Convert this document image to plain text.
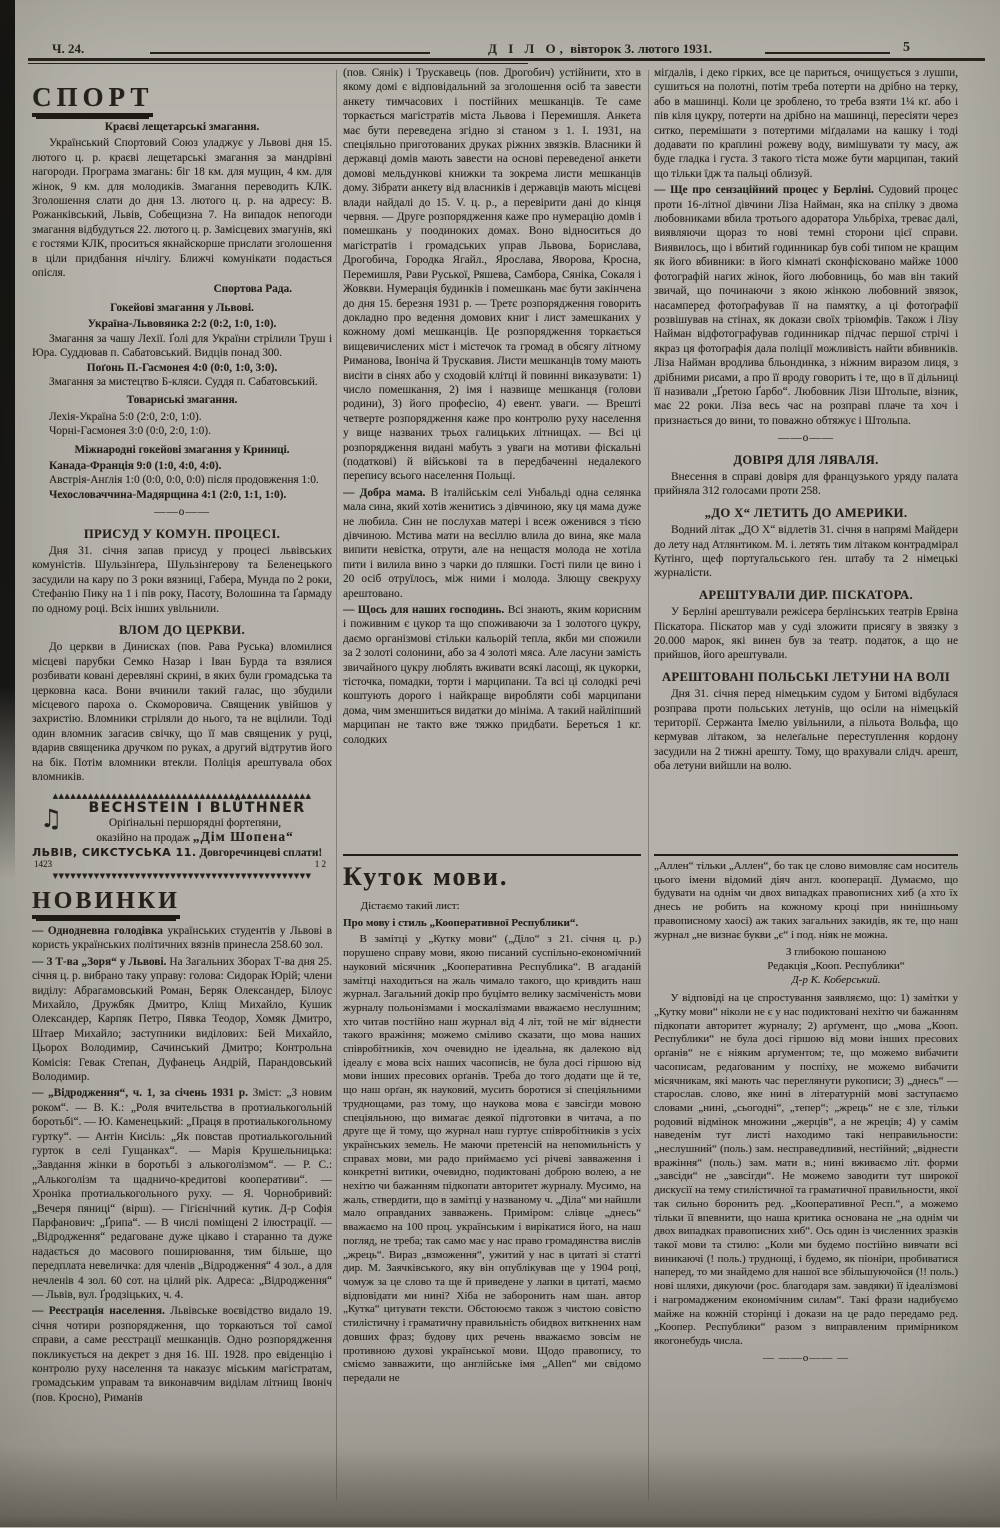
Ч. 24.	Д І Л О, вівторок 3. лютого 1931.	5
СПОРТ

Краєві лещетарські змагання.

Український Спортовий Союз уладжує у Львові дня 15. лютого ц. р. краєві лещетарські змагання за мандрівні нагороди. Програма змагань: біг 18 км. для мущин, 4 км. для жінок, 9 км. для молодиків. Змагання переводить КЛК. Зголошення слати до дня 13. лютого ц. р. на адресу: В. Рожанківський, Львів, Собещизна 7. На випадок непогоди змагання відбудуться 22. лютого ц. р. Замісцевих змагунів, які є гостями КЛК, проситься якнайскорше прислати зголошення в ціли придбання нічлігу. Ближчі комунікати подасться опісля.

Спортова Рада.

Гокейові змагання у Львові.

Україна-Львовянка 2:2 (0:2, 1:0, 1:0).

Змагання за чашу Лехії. Ґолі для України стрілили Труш і Юра. Суддював п. Сабатовський. Видців понад 300.

Поґонь П.-Гасмонея 4:0 (0:0, 1:0, 3:0).

Змагання за мистецтво Б-кляси. Суддя п. Сабатовський.

Товариські змагання.

Лехія-Україна 5:0 (2:0, 2:0, 1:0).

Чорні-Гасмонея 3:0 (0:0, 2:0, 1:0).

Міжнародні гокейові змагання у Криниці.

Канада-Франція 9:0 (1:0, 4:0, 4:0).

Австрія-Анґлія 1:0 (0:0, 0:0, 0:0) після продовження 1:0.

Чехословаччина-Мадярщина 4:1 (2:0, 1:1, 1:0).

——о——

ПРИСУД У КОМУН. ПРОЦЕСІ.

Дня 31. січня запав присуд у процесі львівських комуністів. Шульзінґера, Шульзінґерову та Беленецького засудили на кару по 3 роки вязниці, Габера, Мунда по 2 роки, Стефанію Пику на 1 і пів року, Пасоту, Волошина та Ґармаду по одному році. Всіх інших увільнили.

ВЛОМ ДО ЦЕРКВИ.

До церкви в Динисках (пов. Рава Руська) вломилися місцеві парубки Семко Назар і Іван Бурда та взялися розбивати ковані деревляні скрині, в яких були громадська та церковна каса. Вони вчинили такий галас, що збудили місцевого пароха о. Скоморовича. Священик увійшов у захристію. Вломники стріляли до нього, та не вцілили. Тоді один вломник загасив свічку, що її мав священик у руці, вдарив священика дручком по руках, а другий відтрутив його на бік. Потім вломники втекли. Поліція арештувала обох вломників.

▲▲▲▲▲▲▲▲▲▲▲▲▲▲▲▲▲▲▲▲▲▲▲▲▲▲▲▲▲▲▲▲▲▲▲▲▲▲▲▲▲▲▲▲
♫	BECHSTEIN І BLÜTHNER
Оріґінальні першорядні фортепяни,
оказійно на продаж „Дім Шопена“
ЛЬВІВ, СИКСТУСЬКА 11. Довгоречинцеві сплати!
1423	1 2
▼▼▼▼▼▼▼▼▼▼▼▼▼▼▼▼▼▼▼▼▼▼▼▼▼▼▼▼▼▼▼▼▼▼▼▼▼▼▼▼▼▼▼▼
НОВИНКИ

— Однодневна голодівка українських студентів у Львові в користь українських політичних вязнів принесла 258.60 зол.

— З Т-ва „Зоря“ у Львові. На Загальних Зборах Т-ва дня 25. січня ц. р. вибрано таку управу: голова: Сидорак Юрій; члени виділу: Абрагамовський Роман, Беряк Олександер, Білоус Михайло, Дружбяк Дмитро, Кліщ Михайло, Кушик Олександер, Карпяк Петро, Пявка Теодор, Хомяк Дмитро, Штаер Михайло; заступники виділових: Бей Михайло, Цьорох Володимир, Сачинський Дмитро; Контрольна Комісія: Гевак Степан, Дуфанець Андрій, Парандовський Володимир.

— „Відродження“, ч. 1, за січень 1931 р. Зміст: „З новим роком“. — В. К.: „Роля вчительства в протиалькогольній боротьбі“. — Ю. Каменецький: „Праця в протиалькогольному гуртку“. — Антін Кисіль: „Як повстав протиалькогольний гурток в селі Гущанках“. — Марія Крушельницька: „Завдання жінки в боротьбі з алькоголізмом“. — Р. С.: „Алькоголізм та щадничо-кредитові кооперативи“. — Хроніка протиалькогольного руху. — Я. Чорнобривий: „Вечеря пяниці“ (вірш). — Гігієнічний кутик. Д-р Софія Парфанович: „Ґрипа“. — В числі поміщені 2 ілюстрації. — „Відродження“ редаговане дуже цікаво і старанно та дуже надається до масового поширювання, тим більше, що передплата невеличка: для членів „Відродження“ 4 зол., а для нечленів 4 зол. 60 сот. на цілий рік. Адреса: „Відродження“ — Львів, вул. Ґродзіцьких, ч. 4.

— Реєстрація населення. Львівське воєвідство видало 19. січня чотири розпорядження, що торкаються тої самої справи, а саме реєстрації мешканців. Одно розпорядження покликується на декрет з дня 16. III. 1928. про евіденцію і контролю руху населення та наказує міським магістратам, громадським управам та виконавчим виділам літнищ Івоніч (пов. Кросно), Риманів

(пов. Сянік) і Трускавець (пов. Дрогобич) устійнити, хто в якому домі є відповідальний за зголошення осіб та завести анкету тимчасових і постійних мешканців. Те саме торкається магістратів міста Львова і Перемишля. Анкета має бути переведена згідно зі станом з 1. І. 1931, на спеціяльно приготованих друках ріжних звязків. Власники й державці домів мають завести на основі переведеної анкети домові мельдункові книжки та зокрема листи мешканців дому. Зібрати анкету від власників і державців мають місцеві влади найдалі до 15. V. ц. р., а перевірити дані до кінця червня. — Друге розпорядження каже про нумерацію домів і помешкань у поодиноких домах. Воно відноситься до магістратів і громадських управ Львова, Борислава, Дрогобича, Городка Ягайл., Ярослава, Яворова, Кросна, Перемишля, Рави Руської, Ряшева, Самбора, Сяніка, Сокаля і Жовкви. Нумерація будинків і помешкань має бути закінчена до дня 15. березня 1931 р. — Третє розпорядження говорить докладно про ведення домових книг і лист замешканих у кожному домі мешканців. Це розпорядження торкається вищевичислених міст і містечок та громад в обсягу літному Риманова, Івоніча й Трускавия. Листи мешканців тому мають висіти в сінях або у сходовій клітці й повинні виказувати: 1) число помешкання, 2) імя і назвище мешканця (голови родини), 3) його професію, 4) евент. уваги. — Врешті четверте розпорядження каже про контролю руху населення у вище названих трьох галицьких літнищах. — Всі ці розпорядження видані мабуть з уваги на мотиви фіскальні (податкові) й військові та в передбаченні недалекого перепису всього населення Польщі.

— Добра мама. В італійськім селі Унбальді одна селянка мала сина, який хотів женитись з дівчиною, яку ця мама дуже не любила. Син не послухав матері і всеж оженився з тією дівчиною. Мстива мати на весіллю влила до вина, яке мала випити невістка, отрути, але на нещастя молода не хотіла пити і вилила вино з чарки до пляшки. Гості пили це вино і 20 осіб отруїлось, між ними і молода. Злющу свекруху арештовано.

— Щось для наших господинь. Всі знають, яким корисним і поживним є цукор та що споживаючи за 1 золотого цукру, даємо організмові стільки кальорій тепла, якби ми спожили за 2 золоті солонини, або за 4 золоті мяса. Але ласуни замість звичайного цукру люблять вживати всякі ласощі, як цукорки, тісточка, помадки, торти і марципани. Та всі ці солодкі речі коштують дорого і найкраще виробляти собі марципани дома, чим зменшиться видатки до мініма. А такий найліпший марципан не такто вже тяжко придбати. Береться 1 кг. солодких

Куток мови.

Дістаємо такий лист:

Про мову і стиль „Кооперативної Республики“.

В замітці у „Кутку мови“ („Діло“ з 21. січня ц. р.) порушено справу мови, якою писаний суспільно-економічний науковий місячник „Кооперативна Республика“. В агаданій замітці находиться на жаль чимало такого, що кривдить наш журнал. Загальний докір про буцімто велику засміченість мови журналу польонізмами і москалізмами вважаємо неслушним; хто читав постійно наш журнал від 4 літ, той не міг віднести такого вражіння; можемо сміливо сказати, що мова наших співробітників, хоч очевидно не ідеальна, як далекою від ідеалу є мова всіх наших часописів, не була досі гіршою від мови інших пресових орґанів. Треба до того додати ще й те, що наш орґан, як науковий, мусить боротися зі спеціяльними труднощами, раз тому, що наукова мова є завсігди мовою спеціяльною, що вимагає деякої підготовки в читача, а по друге ще й тому, що журнал наш гуртує співробітників з усіх українських земель. Не маючи претенсій на непомильність у справах мови, ми радо приймаємо усі річеві завваження і конкретні витики, очевидно, подиктовані доброю волею, а не нехітю чи бажанням підкопати авторитет журналу. Мусимо, на жаль, ствердити, що в замітці у названому ч. „Діла“ ми найшли мало оправданих завважень. Приміром: слівце „днесь“ вважаємо на 100 проц. українським і вирікатися його, на наш погляд, не треба; так само має у нас право громадянства вислів „жрець“. Вираз „взможення“, ужитий у нас в цитаті зі статті дир. М. Заячківського, яку він опублікував ще у 1904 році, чомуж за це слово та ще й приведене у лапки в цитаті, маємо відповідати ми нині? Хіба не заборонить нам шан. автор „Кутка“ цитувати тексти. Обстоюємо також з чистою совістю стилістичну і граматичну правильність обидвох виткнених нам довших фраз; будову цих речень вважаємо зовсім не противною духові української мови. Щодо правопису, то сміємо завважити, що англійське імя „Allen“ ми свідомо передали не

міґдалів, і деко гірких, все це париться, очищується з лушпи, сушиться на полотні, потім треба потерти на дрібно на терку, або в машинці. Коли це зроблено, то треба взяти 1¼ кґ. або і пів кіля цукру, потерти на дрібно на машинці, пересіяти через ситко, перемішати з потертими міґдалами на кашку і тоді додавати по краплині рожеву воду, вимішувати ту масу, аж буде гладка і густа. З такого тіста може бути марципан, такий що тільки їдж та пальці облизуй.

— Ще про сензаційний процес у Берліні. Судовий процес проти 16-літної дівчини Ліза Найман, яка на спілку з двома любовниками вбила тротього адоратора Ульбріха, треває далі, виявляючи щораз то нові темні сторони цієї справи. Виявилось, що і вбитий годинникар був собі типом не кращим як його вбивники: в його кімнаті сконфісковано майже 1000 фотографій нагих жінок, його любовниць, бо мав він такий звичай, що починаючи з якою жінкою любовний звязок, насамперед фотоґрафував її на памятку, а ці фотоґрафії розвішував на стінах, як докази своїх тріюмфів. Також і Лізу Найман відфотографував годинникар підчас першої стрічі і якраз ця фотоґрафія дала поліції можливість найти вбивників. Ліза Найман вродлива бльондинка, з ніжним виразом лиця, з дрібними рисами, а про її вроду говорить і те, що в її дільниці її називали „Ґретою Ґарбо“. Любовник Лізи Штольпе, візник, має 22 роки. Ліза весь час на розправі плаче та хоч і признається до вини, то поважно обтяжує і Штольпа.

——о——

ДОВІРЯ ДЛЯ ЛЯВАЛЯ.

Внесення в справі довіря для французького уряду палата прийняла 312 голосами проти 258.

„ДО X“ ЛЕТИТЬ ДО АМЕРИКИ.

Водний літак „ДО X“ відлетів 31. січня в напрямі Майдери до лету над Атлянтиком. М. і. летять тим літаком контрадмірал Кутінго, щеф портуґальського ґен. штабу та 2 німецькі журналісти.

АРЕШТУВАЛИ ДИР. ПІСКАТОРА.

У Берліні арештували режісера берлінських театрів Ервіна Піскатора. Піскатор мав у суді зложити присягу в звязку з 20.000 марок, які винен був за театр. податок, а що не прийшов, його арештували.

АРЕШТОВАНІ ПОЛЬСЬКІ ЛЕТУНИ НА ВОЛІ

Дня 31. січня перед німецьким судом у Битомі відбулася розправа проти польських летунів, що осіли на німецькій території. Сержанта Імелю увільнили, а пільота Вольфа, що кермував літаком, за нелеґальне переступлення кордону засудили на 2 тижні арешту. Тому, що врахували слідч. арешт, оба летуни вийшли на волю.

„Аллен“ тільки „Аллен“, бо так це слово вимовляє сам носитель цього імени відомий діяч англ. кооперації. Думаємо, що будувати на однім чи двох випадках правописних хиб (а хто їх днесь не робить на кожному кроці при нинішньому правописному хаосі) аж таких загальних закидів, як те, що наш журнал „не визнає букви „є“ і под. ніяк не можна.

З глибокою пошаною

Редакція „Кооп. Республики“

Д-р К. Коберський.

У відповіді на це спростування заявляємо, що: 1) замітки у „Кутку мови“ ніколи не є у нас подиктовані нехітю чи бажанням підкопати авторитет журналу; 2) арґумент, що „мова „Кооп. Республики“ не була досі гіршою від мови інших пресових орґанів“ не є ніяким арґументом; те, що можемо вибачити часописам, редаґованим у поспіху, не можемо вибачити місячникам, які мають час переглянути рукописи; 3) „днесь“ — старослав. слово, яке нині в літературній мові заступаємо словами „нині, „сьогодні“, „тепер“; „жрець“ не є зле, тільки родовий відмінок множини „жерців“, а не жреців; 4) у самім наведенім тут листі находимо такі неправильности: „неслушний“ (поль.) зам. несправедливий, нестійний; „віднести вражіння“ (поль.) зам. мати в.; нині вживаємо літ. форми „завсіди“ не „завсігди“. Не можемо заводити тут широкої дискусії на тему стилістичної та граматичної правильности, якої так сильно боронить ред. „Кооперативної Респ.“, а можемо тільки її впевнити, що наша критика основана не „на однім чи двох випадках правописних хиб“. Ось один із численних зразків такої мови та стилю: „Коли ми будемо постійно вивчати всі виникаючі (! поль.) труднощі, і будемо, як піоніри, пробиватися наперед, то ми знайдемо для нашої все збільшуючойся (!! поль.) нові шляхи, дякуючи (рос. благодаря зам. завдяки) її ідеалізмові і нагромадженим економічним силам“. Такі фрази надибуємо майже на кожній сторінці і докази на це радо передамо ред. „Коопер. Республики“ разом з виправленим примірником якогонебудь числа.

— ——о—— —
